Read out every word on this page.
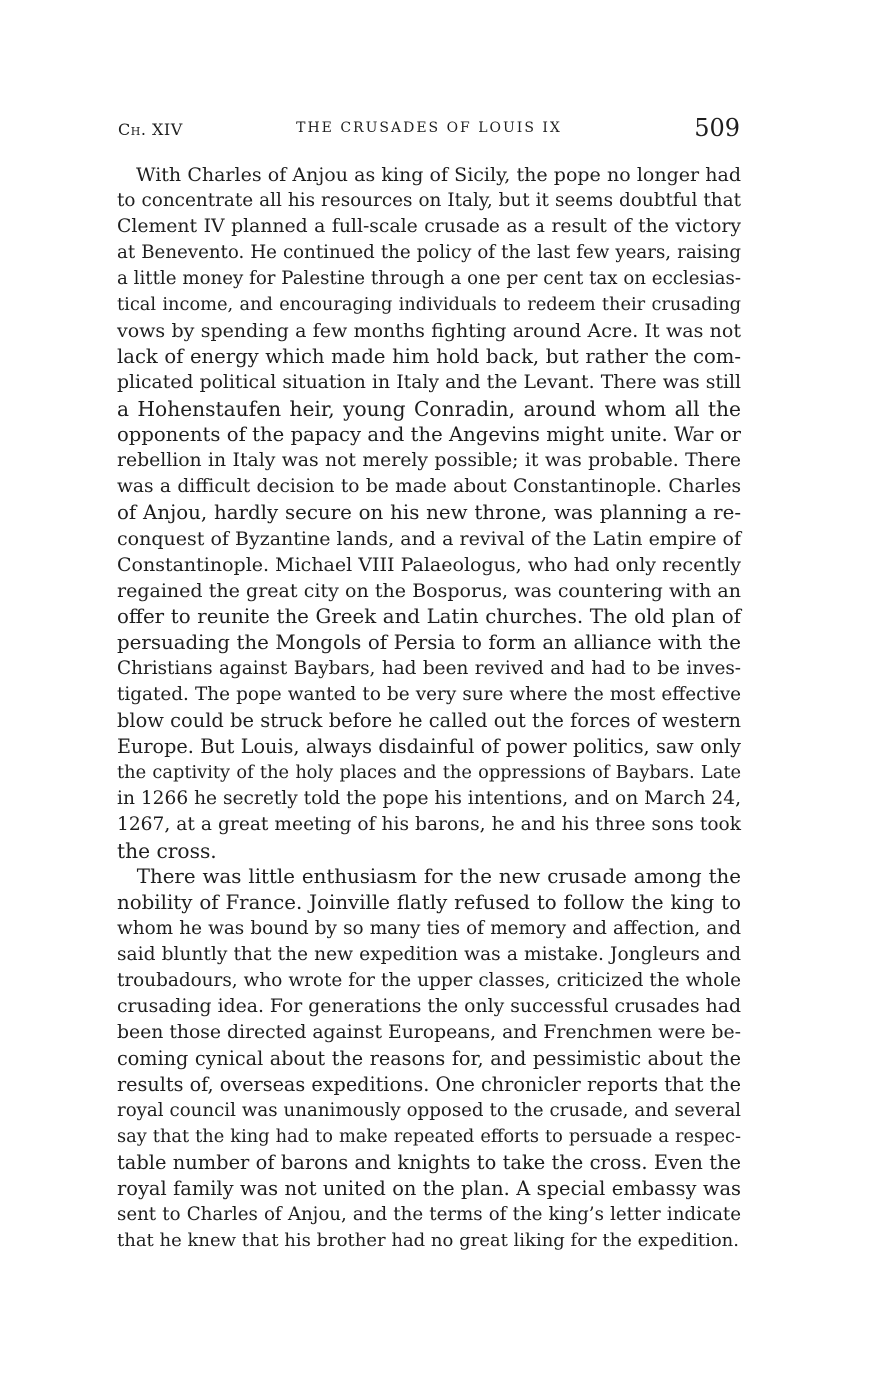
Ch. XIV	THE CRUSADES OF LOUIS IX	509
 With Charles of Anjou as king of Sicily, the pope no longer had
to concentrate all his resources on Italy, but it seems doubtful that
Clement IV planned a full-scale crusade as a result of the victory
at Benevento. He continued the policy of the last few years, raising
a little money for Palestine through a one per cent tax on ecclesias-
tical income, and encouraging individuals to redeem their crusading
vows by spending a few months fighting around Acre. It was not
lack of energy which made him hold back, but rather the com-
plicated political situation in Italy and the Levant. There was still
a Hohenstaufen heir, young Conradin, around whom all the
opponents of the papacy and the Angevins might unite. War or
rebellion in Italy was not merely possible; it was probable. There
was a difficult decision to be made about Constantinople. Charles
of Anjou, hardly secure on his new throne, was planning a re-
conquest of Byzantine lands, and a revival of the Latin empire of
Constantinople. Michael VIII Palaeologus, who had only recently
regained the great city on the Bosporus, was countering with an
offer to reunite the Greek and Latin churches. The old plan of
persuading the Mongols of Persia to form an alliance with the
Christians against Baybars, had been revived and had to be inves-
tigated. The pope wanted to be very sure where the most effective
blow could be struck before he called out the forces of western
Europe. But Louis, always disdainful of power politics, saw only
the captivity of the holy places and the oppressions of Baybars. Late
in 1266 he secretly told the pope his intentions, and on March 24,
1267, at a great meeting of his barons, he and his three sons took
the cross.
 There was little enthusiasm for the new crusade among the
nobility of France. Joinville flatly refused to follow the king to
whom he was bound by so many ties of memory and affection, and
said bluntly that the new expedition was a mistake. Jongleurs and
troubadours, who wrote for the upper classes, criticized the whole
crusading idea. For generations the only successful crusades had
been those directed against Europeans, and Frenchmen were be-
coming cynical about the reasons for, and pessimistic about the
results of, overseas expeditions. One chronicler reports that the
royal council was unanimously opposed to the crusade, and several
say that the king had to make repeated efforts to persuade a respec-
table number of barons and knights to take the cross. Even the
royal family was not united on the plan. A special embassy was
sent to Charles of Anjou, and the terms of the king’s letter indicate
that he knew that his brother had no great liking for the expedition.
